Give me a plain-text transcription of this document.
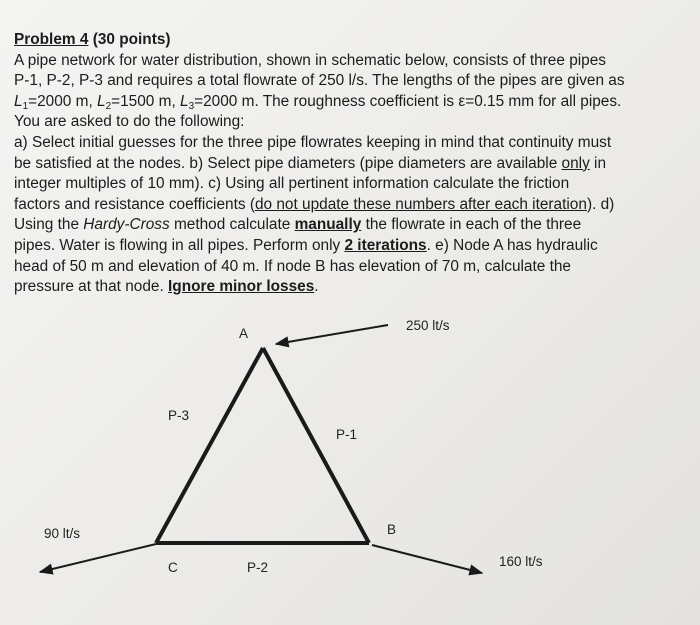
Problem 4 (30 points)
A pipe network for water distribution, shown in schematic below, consists of three pipes
P-1, P-2, P-3 and requires a total flowrate of 250 l/s. The lengths of the pipes are given as
$L_1=2000$ m, $L_2=1500$ m, $L_3=2000$ m. The roughness coefficient is ε=0.15 mm for all pipes.
You are asked to do the following:
a) Select initial guesses for the three pipe flowrates keeping in mind that continuity must
be satisfied at the nodes. b) Select pipe diameters (pipe diameters are available only in
integer multiples of 10 mm). c) Using all pertinent information calculate the friction
factors and resistance coefficients (do not update these numbers after each iteration). d)
Using the Hardy-Cross method calculate manually the flowrate in each of the three
pipes. Water is flowing in all pipes. Perform only 2 iterations. e) Node A has hydraulic
head of 50 m and elevation of 40 m. If node B has elevation of 70 m, calculate the
pressure at that node. Ignore minor losses.
A
B
C
P-1
P-2
P-3
250 lt/s
90 lt/s
160 lt/s
